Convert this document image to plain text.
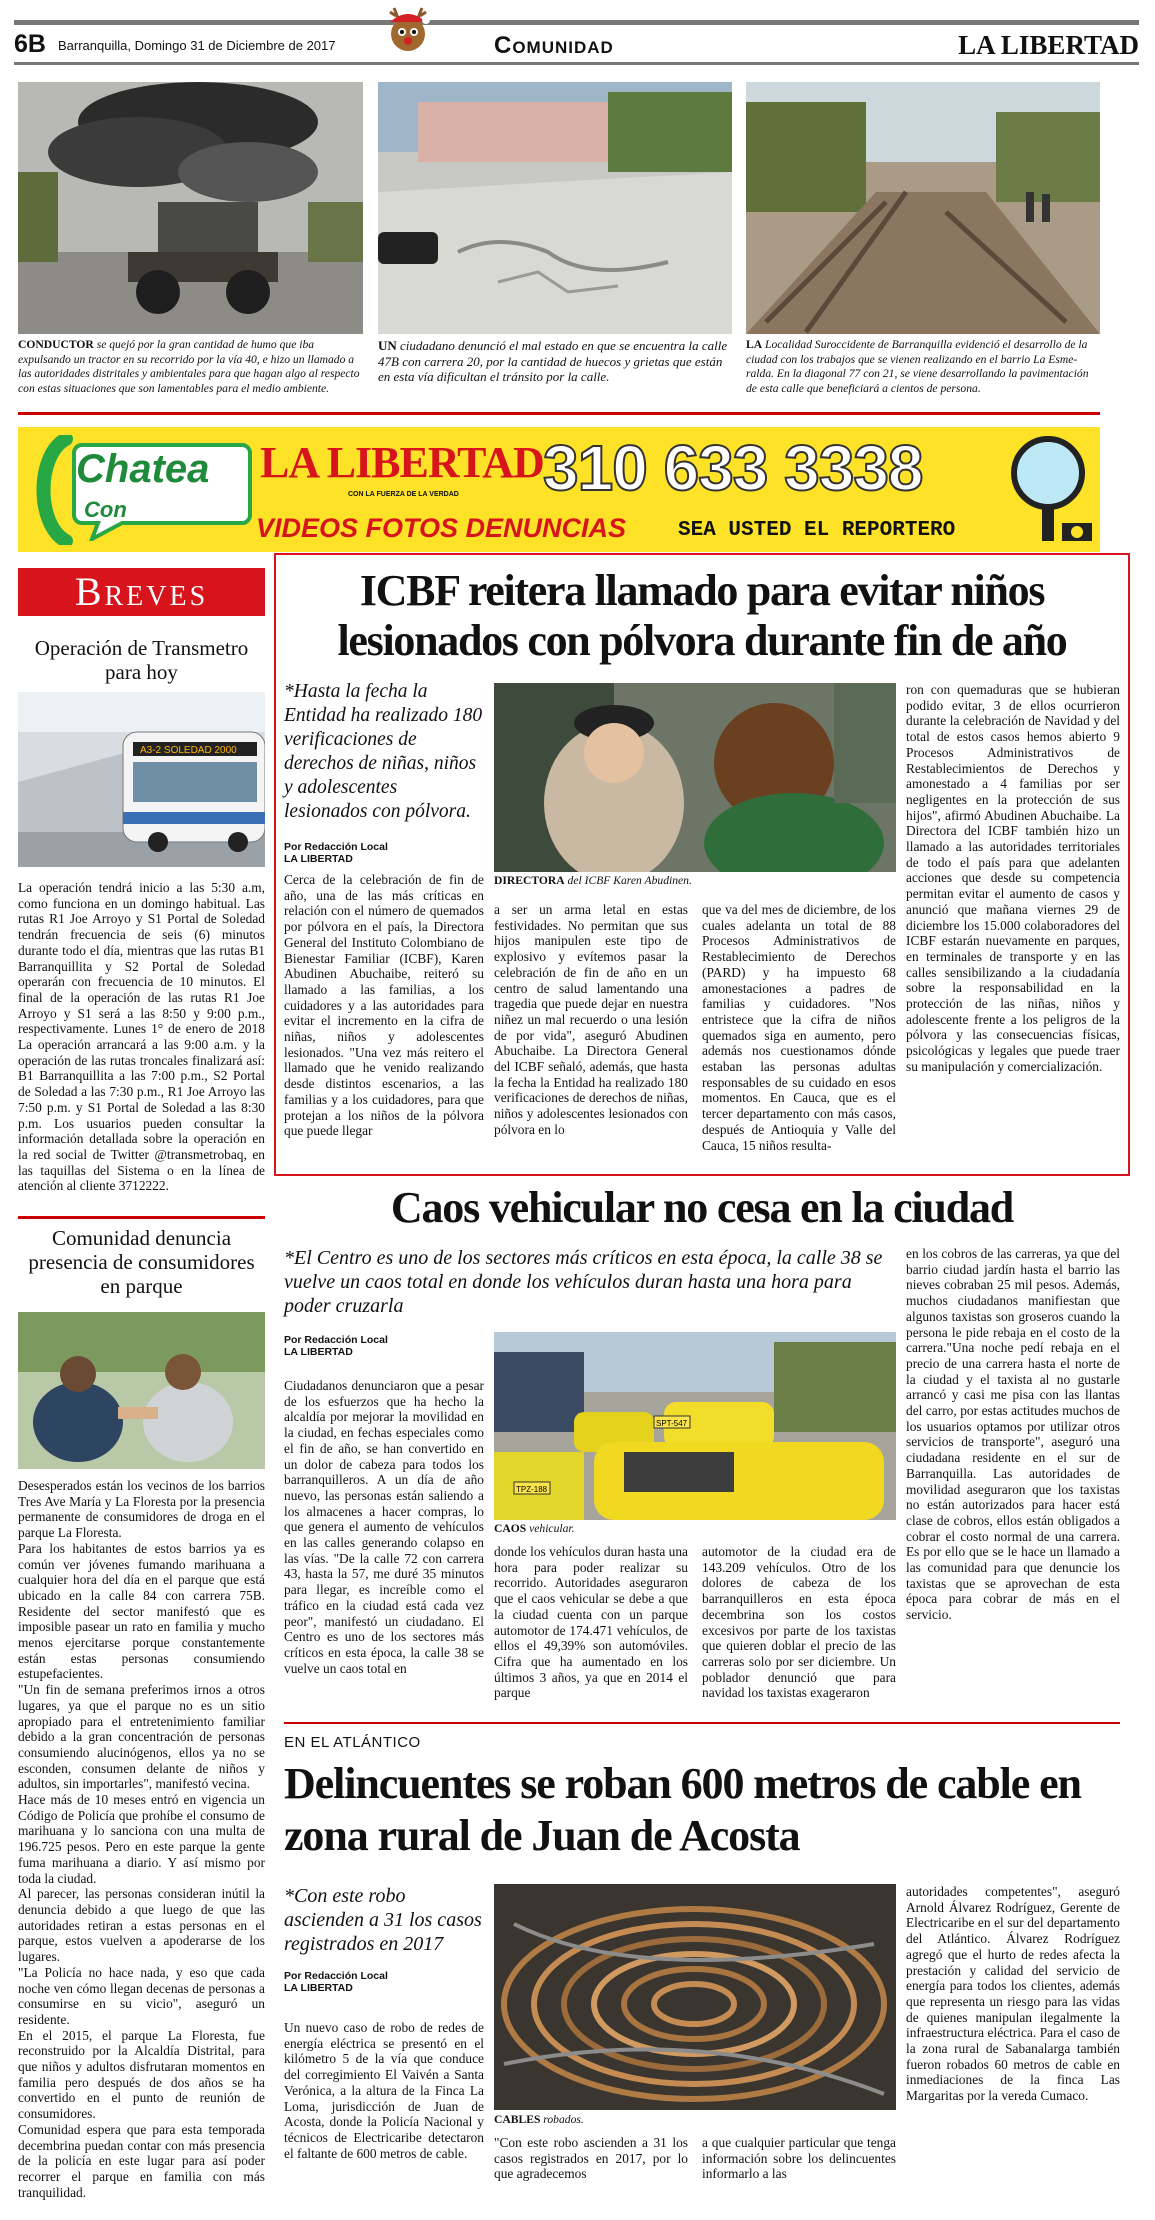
6B Barranquilla, Domingo 31 de Diciembre de 2017	Comunidad	LA LIBERTAD
CONDUCTOR se quejó por la gran cantidad de humo que iba expulsando un tractor en su recorrido por la vía 40, e hizo un llamado a las autoridades distritales y ambientales para que hagan algo al respecto con estas situaciones que son lamentables para el medio ambiente.
UN ciudadano denunció el mal estado en que se encuentra la calle 47B con carrera 20, por la cantidad de huecos y grietas que están en esta vía dificultan el tránsito por la calle.
LA Localidad Suroccidente de Barranquilla evidenció el desarrollo de la ciudad con los trabajos que se vienen realizando en el barrio La Esme-ralda. En la diagonal 77 con 21, se viene desarrollando la pavimentación de esta calle que beneficiará a cientos de persona.
Chatea
Con
LA LIBERTAD
CON LA FUERZA DE LA VERDAD 310 633 3338
VIDEOS FOTOS DENUNCIAS SEA USTED EL REPORTERO
Breves
Operación de Transmetro para hoy
A3-2 SOLEDAD 2000
La operación tendrá inicio a las 5:30 a.m, como funciona en un domingo habitual. Las rutas R1 Joe Arroyo y S1 Portal de Soledad tendrán frecuencia de seis (6) minutos durante todo el día, mientras que las rutas B1 Barranquillita y S2 Portal de Soledad operarán con frecuencia de 10 minutos. El final de la operación de las rutas R1 Joe Arroyo y S1 será a las 8:50 y 9:00 p.m., respectivamente. Lunes 1° de enero de 2018 La operación arrancará a las 9:00 a.m. y la operación de las rutas troncales finalizará así: B1 Barranquillita a las 7:00 p.m., S2 Portal de Soledad a las 7:30 p.m., R1 Joe Arroyo las 7:50 p.m. y S1 Portal de Soledad a las 8:30 p.m. Los usuarios pueden consultar la información detallada sobre la operación en la red social de Twitter @transmetrobaq, en las taquillas del Sistema o en la línea de atención al cliente 3712222.
Comunidad denuncia presencia de consumidores en parque

Desesperados están los vecinos de los barrios Tres Ave María y La Floresta por la presencia permanente de consumidores de droga en el parque La Floresta.

Para los habitantes de estos barrios ya es común ver jóvenes fumando marihuana a cualquier hora del día en el parque que está ubicado en la calle 84 con carrera 75B. Residente del sector manifestó que es imposible pasear un rato en familia y mucho menos ejercitarse porque constantemente están estas personas consumiendo estupefacientes.

"Un fin de semana preferimos irnos a otros lugares, ya que el parque no es un sitio apropiado para el entretenimiento familiar debido a la gran concentración de personas consumiendo alucinógenos, ellos ya no se esconden, consumen delante de niños y adultos, sin importarles", manifestó vecina.

Hace más de 10 meses entró en vigencia un Código de Policía que prohíbe el consumo de marihuana y lo sanciona con una multa de 196.725 pesos. Pero en este parque la gente fuma marihuana a diario. Y así mismo por toda la ciudad.

Al parecer, las personas consideran inútil la denuncia debido a que luego de que las autoridades retiran a estas personas en el parque, estos vuelven a apoderarse de los lugares.

"La Policía no hace nada, y eso que cada noche ven cómo llegan decenas de personas a consumirse en su vicio", aseguró un residente.

En el 2015, el parque La Floresta, fue reconstruido por la Alcaldía Distrital, para que niños y adultos disfrutaran momentos en familia pero después de dos años se ha convertido en el punto de reunión de consumidores.

Comunidad espera que para esta temporada decembrina puedan contar con más presencia de la policía en este lugar para así poder recorrer el parque en familia con más tranquilidad.

ICBF reitera llamado para evitar niños lesionados con pólvora durante fin de año
*Hasta la fecha la Entidad ha realizado 180 verificaciones de derechos de niñas, niños y adolescentes lesionados con pólvora.
Por Redacción Local
LA LIBERTAD
DIRECTORA del ICBF Karen Abudinen.
Cerca de la celebración de fin de año, una de las más críticas en relación con el número de quemados por pólvora en el país, la Directora General del Instituto Colombiano de Bienestar Familiar (ICBF), Karen Abudinen Abuchaibe, reiteró su llamado a las familias, a los cuidadores y a las autoridades para evitar el incremento en la cifra de niñas, niños y adolescentes lesionados. "Una vez más reitero el llamado que he venido realizando desde distintos escenarios, a las familias y a los cuidadores, para que protejan a los niños de la pólvora que puede llegar
a ser un arma letal en estas festividades. No permitan que sus hijos manipulen este tipo de explosivo y evítemos pasar la celebración de fin de año en un centro de salud lamentando una tragedia que puede dejar en nuestra niñez un mal recuerdo o una lesión de por vida", aseguró Abudinen Abuchaibe. La Directora General del ICBF señaló, además, que hasta la fecha la Entidad ha realizado 180 verificaciones de derechos de niñas, niños y adolescentes lesionados con pólvora en lo
que va del mes de diciembre, de los cuales adelanta un total de 88 Procesos Administrativos de Restablecimiento de Derechos (PARD) y ha impuesto 68 amonestaciones a padres de familias y cuidadores. "Nos entristece que la cifra de niños quemados siga en aumento, pero además nos cuestionamos dónde estaban las personas adultas responsables de su cuidado en esos momentos. En Cauca, que es el tercer departamento con más casos, después de Antioquia y Valle del Cauca, 15 niños resulta-
ron con quemaduras que se hubieran podido evitar, 3 de ellos ocurrieron durante la celebración de Navidad y del total de estos casos hemos abierto 9 Procesos Administrativos de Restablecimientos de Derechos y amonestado a 4 familias por ser negligentes en la protección de sus hijos", afirmó Abudinen Abuchaibe. La Directora del ICBF también hizo un llamado a las autoridades territoriales de todo el país para que adelanten acciones que desde su competencia permitan evitar el aumento de casos y anunció que mañana viernes 29 de diciembre los 15.000 colaboradores del ICBF estarán nuevamente en parques, en terminales de transporte y en las calles sensibilizando a la ciudadanía sobre la responsabilidad en la protección de las niñas, niños y adolescente frente a los peligros de la pólvora y las consecuencias físicas, psicológicas y legales que puede traer su manipulación y comercialización.
Caos vehicular no cesa en la ciudad
*El Centro es uno de los sectores más críticos en esta época, la calle 38 se vuelve un caos total en donde los vehículos duran hasta una hora para poder cruzarla
Por Redacción Local
LA LIBERTAD
SPT-547
TPZ-188
CAOS vehicular.
Ciudadanos denunciaron que a pesar de los esfuerzos que ha hecho la alcaldía por mejorar la movilidad en la ciudad, en fechas especiales como el fin de año, se han convertido en un dolor de cabeza para todos los barranquilleros. A un día de año nuevo, las personas están saliendo a los almacenes a hacer compras, lo que genera el aumento de vehículos en las calles generando colapso en las vías. "De la calle 72 con carrera 43, hasta la 57, me duré 35 minutos para llegar, es increíble como el tráfico en la ciudad está cada vez peor", manifestó un ciudadano. El Centro es uno de los sectores más críticos en esta época, la calle 38 se vuelve un caos total en
donde los vehículos duran hasta una hora para poder realizar su recorrido. Autoridades aseguraron que el caos vehicular se debe a que la ciudad cuenta con un parque automotor de 174.471 vehículos, de ellos el 49,39% son automóviles. Cifra que ha aumentado en los últimos 3 años, ya que en 2014 el parque
automotor de la ciudad era de 143.209 vehículos. Otro de los dolores de cabeza de los barranquilleros en esta época decembrina son los costos excesivos por parte de los taxistas que quieren doblar el precio de las carreras solo por ser diciembre. Un poblador denunció que para navidad los taxistas exageraron
en los cobros de las carreras, ya que del barrio ciudad jardín hasta el barrio las nieves cobraban 25 mil pesos. Además, muchos ciudadanos manifiestan que algunos taxistas son groseros cuando la persona le pide rebaja en el costo de la carrera."Una noche pedí rebaja en el precio de una carrera hasta el norte de la ciudad y el taxista al no gustarle arrancó y casi me pisa con las llantas del carro, por estas actitudes muchos de los usuarios optamos por utilizar otros servicios de transporte", aseguró una ciudadana residente en el sur de Barranquilla. Las autoridades de movilidad aseguraron que los taxistas no están autorizados para hacer está clase de cobros, ellos están obligados a cobrar el costo normal de una carrera. Es por ello que se le hace un llamado a las comunidad para que denuncie los taxistas que se aprovechan de esta época para cobrar de más en el servicio.
EN EL ATLÁNTICO
Delincuentes se roban 600 metros de cable en zona rural de Juan de Acosta
*Con este robo ascienden a 31 los casos registrados en 2017
Por Redacción Local
LA LIBERTAD
CABLES robados.
Un nuevo caso de robo de redes de energía eléctrica se presentó en el kilómetro 5 de la vía que conduce del corregimiento El Vaivén a Santa Verónica, a la altura de la Finca La Loma, jurisdicción de Juan de Acosta, donde la Policía Nacional y técnicos de Electricaribe detectaron el faltante de 600 metros de cable.
"Con este robo ascienden a 31 los casos registrados en 2017, por lo que agradecemos
a que cualquier particular que tenga información sobre los delincuentes informarlo a las
autoridades competentes", aseguró Arnold Álvarez Rodríguez, Gerente de Electricaribe en el sur del departamento del Atlántico. Álvarez Rodríguez agregó que el hurto de redes afecta la prestación y calidad del servicio de energía para todos los clientes, además que representa un riesgo para las vidas de quienes manipulan ilegalmente la infraestructura eléctrica. Para el caso de la zona rural de Sabanalarga también fueron robados 60 metros de cable en inmediaciones de la finca Las Margaritas por la vereda Cumaco.
